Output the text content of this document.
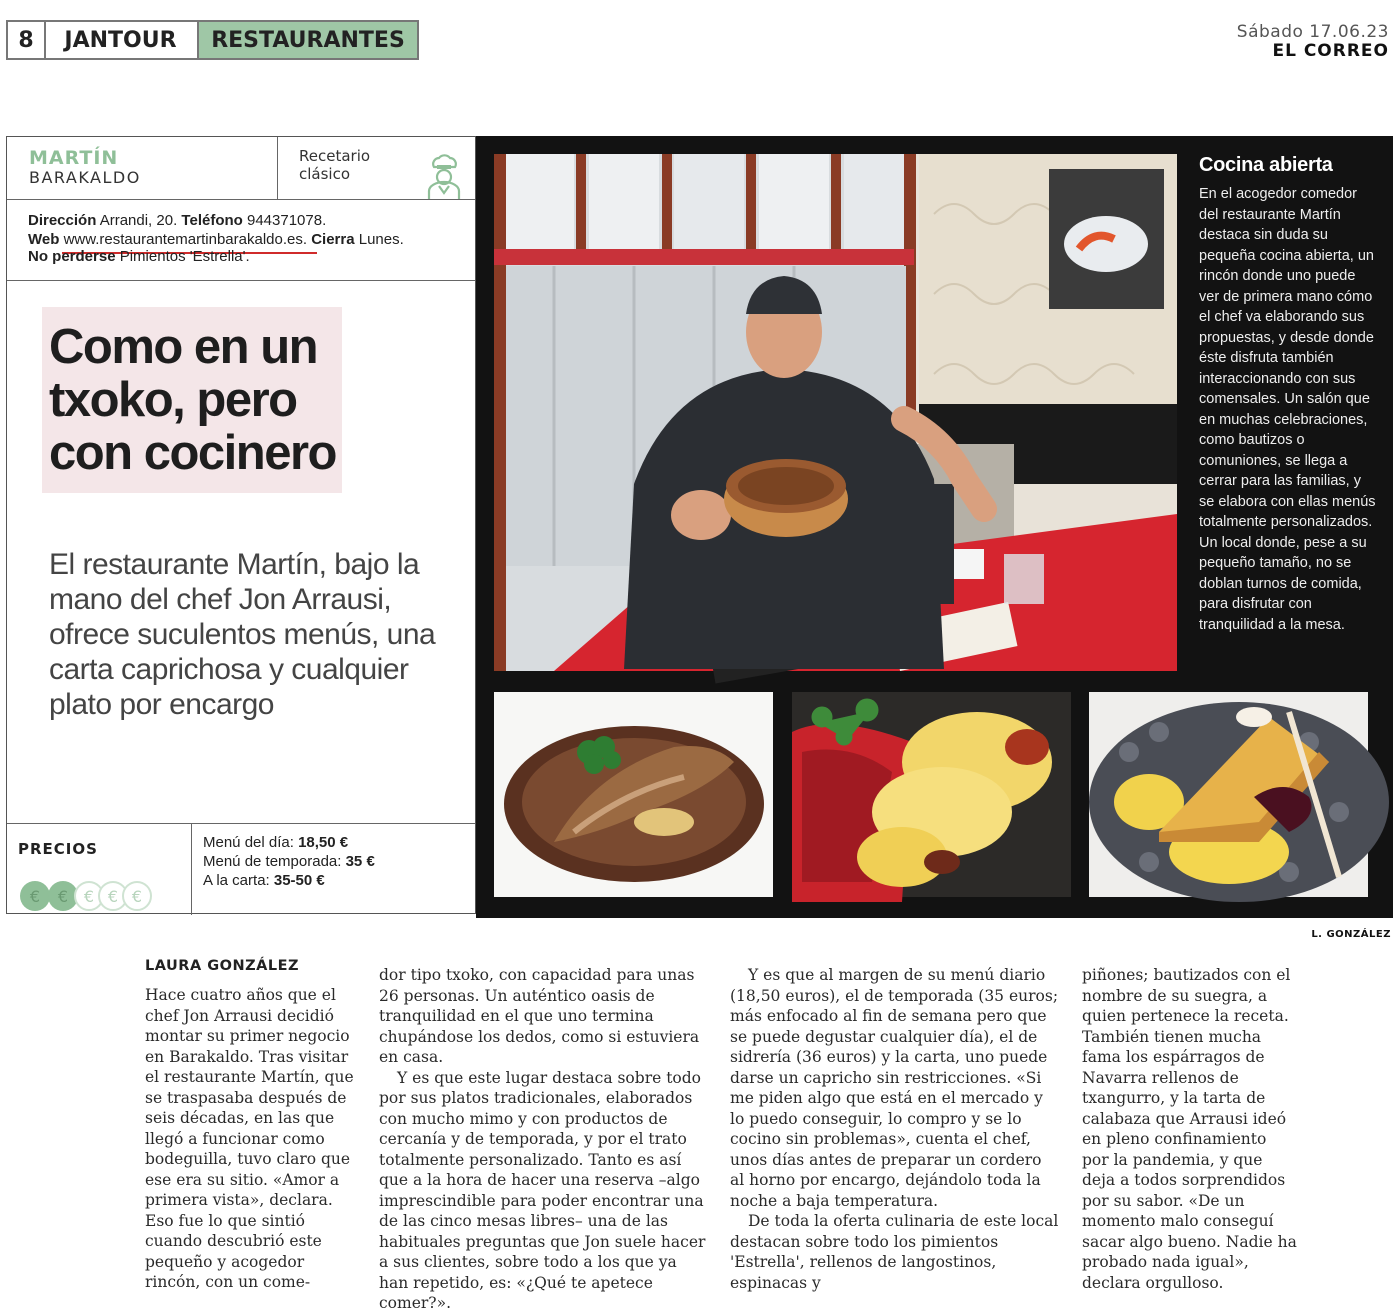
8	JANTOUR	RESTAURANTES	Sábado 17.06.23
EL CORREO
MARTÍN
BARAKALDO
Recetario
clásico
Dirección Arrandi, 20. Teléfono 944371078.
Web www.restaurantemartinbarakaldo.es. Cierra Lunes.
No perderse Pimientos 'Estrella'.
Como en un
txoko, pero
con cocinero
El restaurante Martín, bajo la mano del chef Jon Arrausi, ofrece suculentos menús, una carta caprichosa y cualquier plato por encargo
PRECIOS	Menú del día: 18,50 €
Menú de temporada: 35 €
A la carta: 35-50 €
€ € € € €
Cocina abierta
En el acogedor comedor del restaurante Martín destaca sin duda su pequeña cocina abierta, un rincón donde uno puede ver de primera mano cómo el chef va elaborando sus propuestas, y desde donde éste disfruta también interaccionando con sus comensales. Un salón que en muchas celebraciones, como bautizos o comuniones, se llega a cerrar para las familias, y se elabora con ellas menús totalmente personalizados. Un local donde, pese a su pequeño tamaño, no se doblan turnos de comida, para disfrutar con tranquilidad a la mesa.
L. GONZÁLEZ
LAURA GONZÁLEZ

Hace cuatro años que el chef Jon Arrausi decidió montar su primer negocio en Barakaldo. Tras visitar el restaurante Martín, que se traspasaba después de seis décadas, en las que llegó a funcionar como bodeguilla, tuvo claro que ese era su sitio. «Amor a primera vista», declara. Eso fue lo que sintió cuando descubrió este pequeño y acogedor rincón, con un come-

dor tipo txoko, con capacidad para unas 26 personas. Un auténtico oasis de tranquilidad en el que uno termina chupándose los dedos, como si estuviera en casa.

Y es que este lugar destaca sobre todo por sus platos tradicionales, elaborados con mucho mimo y con productos de cercanía y de temporada, y por el trato totalmente personalizado. Tanto es así que a la hora de hacer una reserva –algo imprescindible para poder encontrar una de las cinco mesas libres– una de las habituales preguntas que Jon suele hacer a sus clientes, sobre todo a los que ya han repetido, es: «¿Qué te apetece comer?».

Y es que al margen de su menú diario (18,50 euros), el de temporada (35 euros; más enfocado al fin de semana pero que se puede degustar cualquier día), el de sidrería (36 euros) y la carta, uno puede darse un capricho sin restricciones. «Si me piden algo que está en el mercado y lo puedo conseguir, lo compro y se lo cocino sin problemas», cuenta el chef, unos días antes de preparar un cordero al horno por encargo, dejándolo toda la noche a baja temperatura.

De toda la oferta culinaria de este local destacan sobre todo los pimientos 'Estrella', rellenos de langostinos, espinacas y

piñones; bautizados con el nombre de su suegra, a quien pertenece la receta. También tienen mucha fama los espárragos de Navarra rellenos de txangurro, y la tarta de calabaza que Arrausi ideó en pleno confinamiento por la pandemia, y que deja a todos sorprendidos por su sabor. «De un momento malo conseguí sacar algo bueno. Nadie ha probado nada igual», declara orgulloso.
